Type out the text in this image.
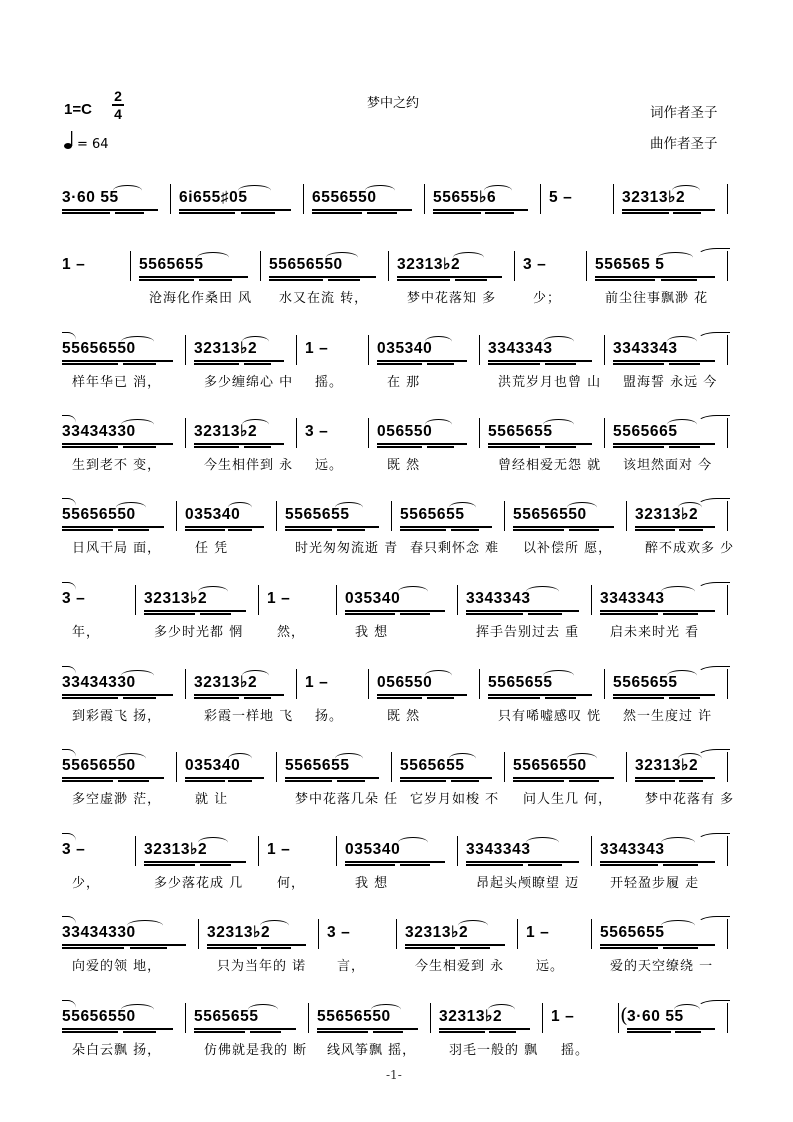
1=C
2
4
= 64
梦中之约
词作者圣子
曲作者圣子
3·60 55	6i655♯05	6556550	55655♭6	5 –	32313♭2
1 –	5565655
沧海化作桑田 风
55656550
水又在流 转，
32313♭2
梦中花落知 多
3 –
少；
556565 5
前尘往事飘渺 花
55656550
样年华已 消，
32313♭2
多少缠绵心 中
1 –
摇。
035340
在 那
3343343
洪荒岁月也曾 山
3343343
盟海誓 永远 今
33434330
生到老不 变，
32313♭2
今生相伴到 永
3 –
远。
056550
既 然
5565655
曾经相爱无怨 就
5565665
该坦然面对 今
55656550
日风干局 面，
035340
任 凭
5565655
时光匆匆流逝 青
5565655
春只剩怀念 难
55656550
以补偿所 愿，
32313♭2
醉不成欢多 少
3 –
年，
32313♭2
多少时光都 惘
1 –
然，
035340
我 想
3343343
挥手告别过去 重
3343343
启未来时光 看
33434330
到彩霞飞 扬，
32313♭2
彩霞一样地 飞
1 –
扬。
056550
既 然
5565655
只有唏嘘感叹 恍
5565655
然一生度过 许
55656550
多空虚渺 茫，
035340
就 让
5565655
梦中花落几朵 任
5565655
它岁月如梭 不
55656550
问人生几 何，
32313♭2
梦中花落有 多
3 –
少，
32313♭2
多少落花成 几
1 –
何，
035340
我 想
3343343
昂起头颅瞭望 迈
3343343
开轻盈步履 走
33434330
向爱的领 地，
32313♭2
只为当年的 诺
3 –
言，
32313♭2
今生相爱到 永
1 –
远。
5565655
爱的天空缭绕 一
55656550
朵白云飘 扬，
5565655
仿佛就是我的 断
55656550
线风筝飘 摇，
32313♭2
羽毛一般的 飘
1 –
摇。
3·60 55
(
-1-
